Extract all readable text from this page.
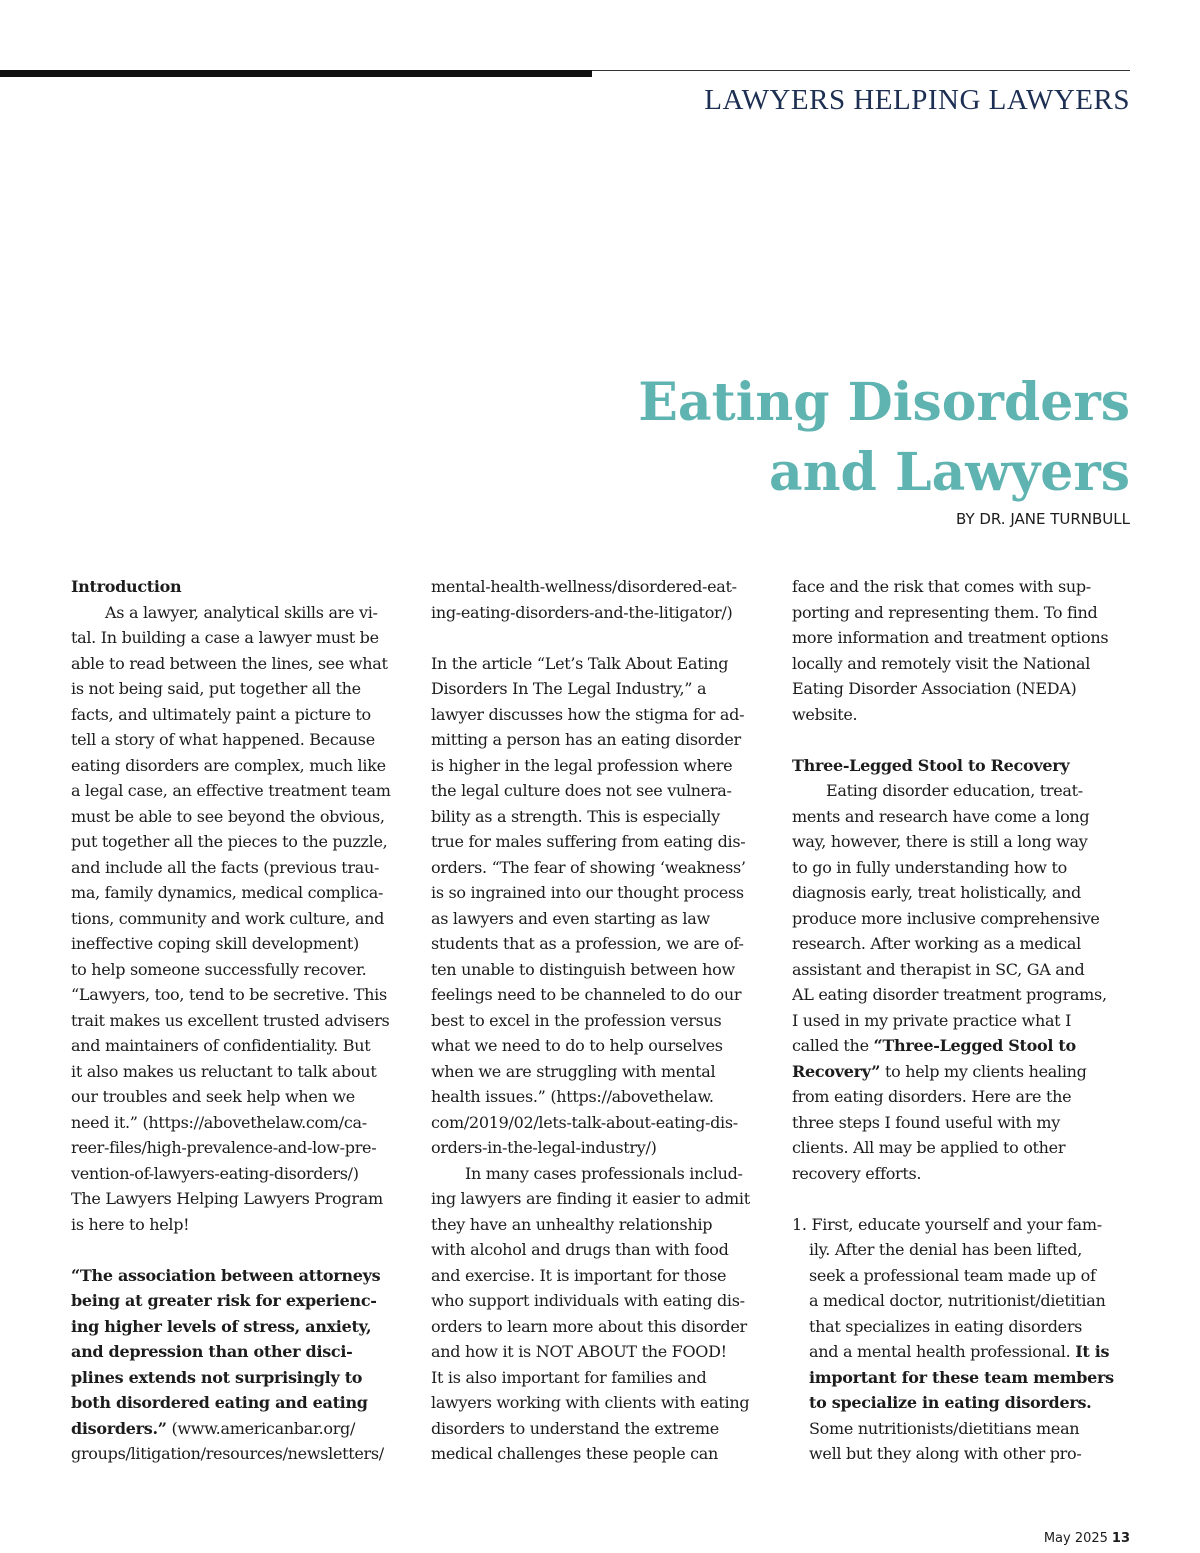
LAWYERS HELPING LAWYERS
Eating Disorders
and Lawyers
BY DR. JANE TURNBULL
Introduction
As a lawyer, analytical skills are vi-
tal. In building a case a lawyer must be
able to read between the lines, see what
is not being said, put together all the
facts, and ultimately paint a picture to
tell a story of what happened. Because
eating disorders are complex, much like
a legal case, an effective treatment team
must be able to see beyond the obvious,
put together all the pieces to the puzzle,
and include all the facts (previous trau-
ma, family dynamics, medical complica-
tions, community and work culture, and
ineffective coping skill development)
to help someone successfully recover.
“Lawyers, too, tend to be secretive. This
trait makes us excellent trusted advisers
and maintainers of confidentiality. But
it also makes us reluctant to talk about
our troubles and seek help when we
need it.” (https://abovethelaw.com/ca-
reer-files/high-prevalence-and-low-pre-
vention-of-lawyers-eating-disorders/)
The Lawyers Helping Lawyers Program
is here to help!
“The association between attorneys
being at greater risk for experienc-
ing higher levels of stress, anxiety,
and depression than other disci-
plines extends not surprisingly to
both disordered eating and eating
disorders.” (www.americanbar.org/
groups/litigation/resources/newsletters/
mental-health-wellness/disordered-eat-
ing-eating-disorders-and-the-litigator/)
In the article “Let’s Talk About Eating
Disorders In The Legal Industry,” a
lawyer discusses how the stigma for ad-
mitting a person has an eating disorder
is higher in the legal profession where
the legal culture does not see vulnera-
bility as a strength. This is especially
true for males suffering from eating dis-
orders. “The fear of showing ‘weakness’
is so ingrained into our thought process
as lawyers and even starting as law
students that as a profession, we are of-
ten unable to distinguish between how
feelings need to be channeled to do our
best to excel in the profession versus
what we need to do to help ourselves
when we are struggling with mental
health issues.” (https://abovethelaw.
com/2019/02/lets-talk-about-eating-dis-
orders-in-the-legal-industry/)
In many cases professionals includ-
ing lawyers are finding it easier to admit
they have an unhealthy relationship
with alcohol and drugs than with food
and exercise. It is important for those
who support individuals with eating dis-
orders to learn more about this disorder
and how it is NOT ABOUT the FOOD!
It is also important for families and
lawyers working with clients with eating
disorders to understand the extreme
medical challenges these people can
face and the risk that comes with sup-
porting and representing them. To find
more information and treatment options
locally and remotely visit the National
Eating Disorder Association (NEDA)
website.
Three-Legged Stool to Recovery
Eating disorder education, treat-
ments and research have come a long
way, however, there is still a long way
to go in fully understanding how to
diagnosis early, treat holistically, and
produce more inclusive comprehensive
research. After working as a medical
assistant and therapist in SC, GA and
AL eating disorder treatment programs,
I used in my private practice what I
called the “Three-Legged Stool to
Recovery” to help my clients healing
from eating disorders. Here are the
three steps I found useful with my
clients. All may be applied to other
recovery efforts.
1. First, educate yourself and your fam-
ily. After the denial has been lifted,
seek a professional team made up of
a medical doctor, nutritionist/dietitian
that specializes in eating disorders
and a mental health professional. It is
important for these team members
to specialize in eating disorders.
Some nutritionists/dietitians mean
well but they along with other pro-
May 2025 13
